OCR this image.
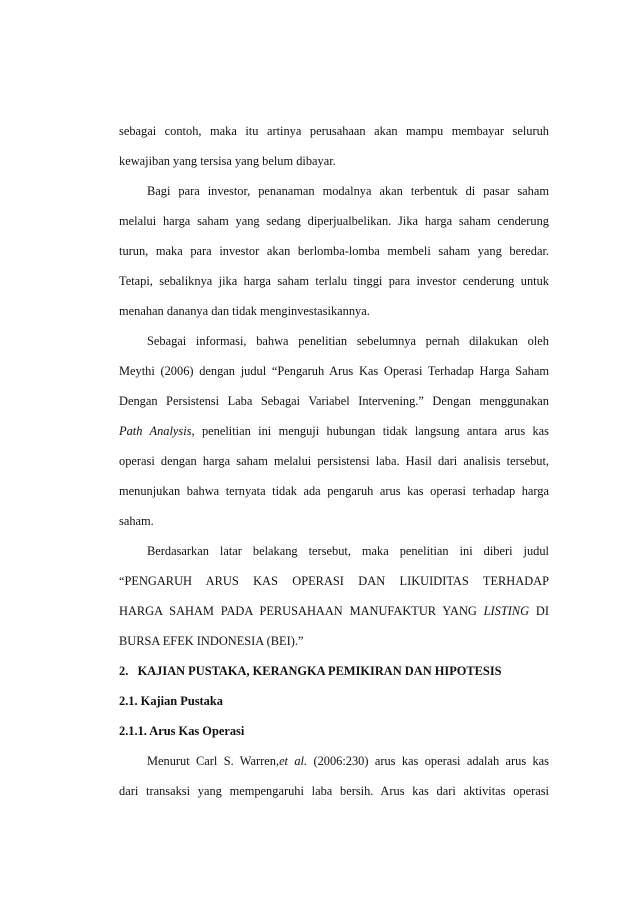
sebagai contoh, maka itu artinya perusahaan akan mampu membayar seluruh
kewajiban yang tersisa yang belum dibayar.
Bagi para investor, penanaman modalnya akan terbentuk di pasar saham
melalui harga saham yang sedang diperjualbelikan. Jika harga saham cenderung
turun, maka para investor akan berlomba-lomba membeli saham yang beredar.
Tetapi, sebaliknya jika harga saham terlalu tinggi para investor cenderung untuk
menahan dananya dan tidak menginvestasikannya.
Sebagai informasi, bahwa penelitian sebelumnya pernah dilakukan oleh
Meythi (2006) dengan judul “Pengaruh Arus Kas Operasi Terhadap Harga Saham
Dengan Persistensi Laba Sebagai Variabel Intervening.” Dengan menggunakan
Path Analysis, penelitian ini menguji hubungan tidak langsung antara arus kas
operasi dengan harga saham melalui persistensi laba. Hasil dari analisis tersebut,
menunjukan bahwa ternyata tidak ada pengaruh arus kas operasi terhadap harga
saham.
Berdasarkan latar belakang tersebut, maka penelitian ini diberi judul
“PENGARUH ARUS KAS OPERASI DAN LIKUIDITAS TERHADAP
HARGA SAHAM PADA PERUSAHAAN MANUFAKTUR YANG LISTING DI
BURSA EFEK INDONESIA (BEI).”
2.   KAJIAN PUSTAKA, KERANGKA PEMIKIRAN DAN HIPOTESIS
2.1. Kajian Pustaka
2.1.1. Arus Kas Operasi
Menurut Carl S. Warren,et al. (2006:230) arus kas operasi adalah arus kas
dari transaksi yang mempengaruhi laba bersih. Arus kas dari aktivitas operasi
